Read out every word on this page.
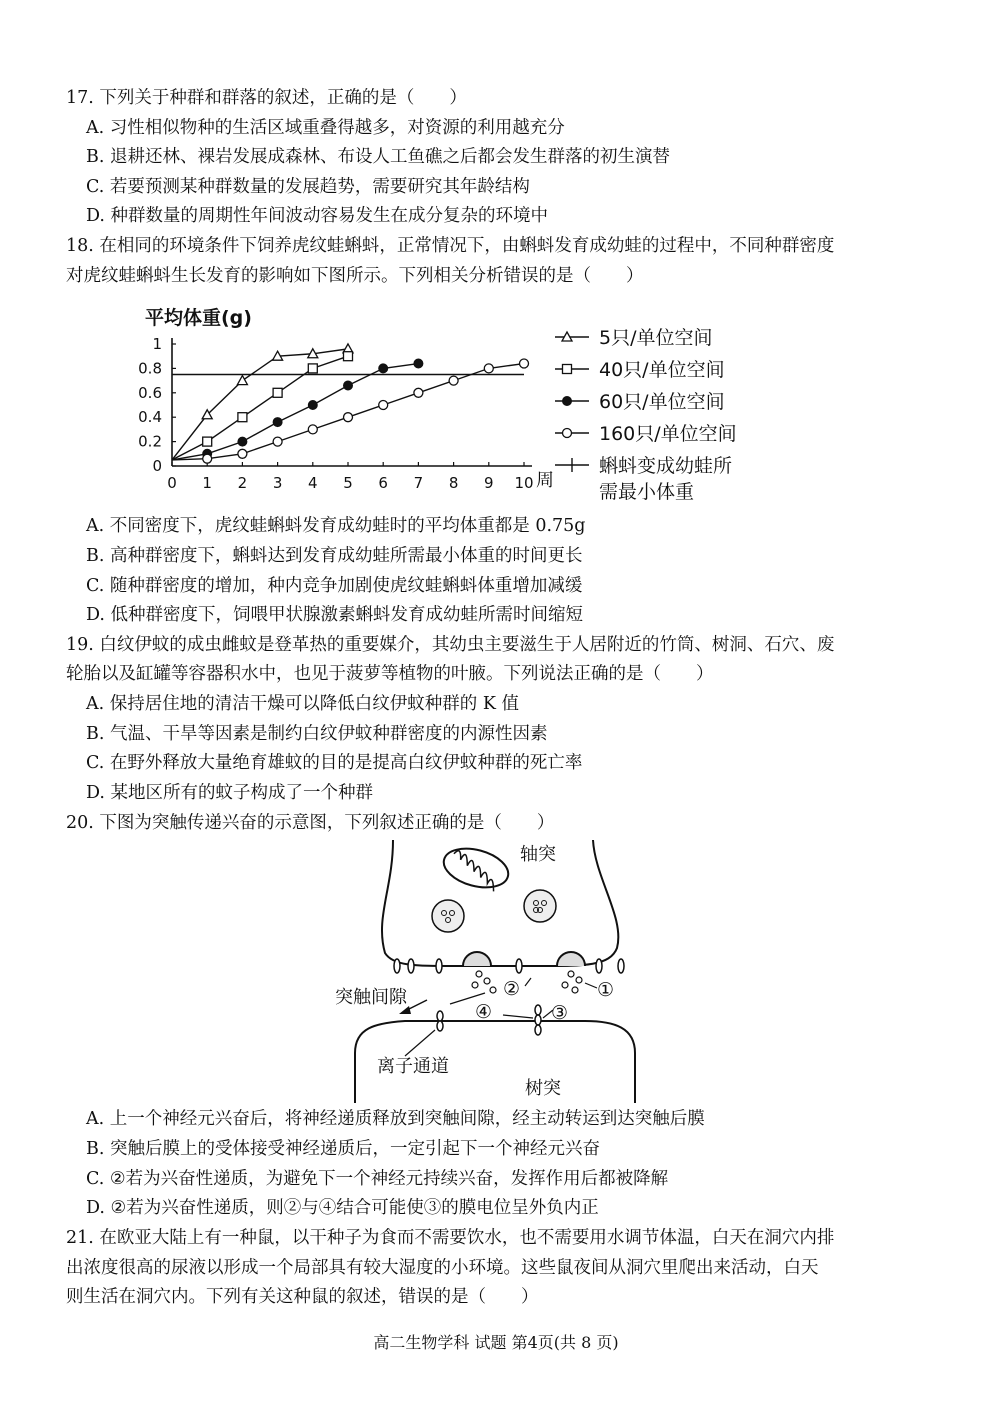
17. 下列关于种群和群落的叙述，正确的是（　　）
A. 习性相似物种的生活区域重叠得越多，对资源的利用越充分
B. 退耕还林、裸岩发展成森林、布设人工鱼礁之后都会发生群落的初生演替
C. 若要预测某种群数量的发展趋势，需要研究其年龄结构
D. 种群数量的周期性年间波动容易发生在成分复杂的环境中
18. 在相同的环境条件下饲养虎纹蛙蝌蚪，正常情况下，由蝌蚪发育成幼蛙的过程中，不同种群密度
对虎纹蛙蝌蚪生长发育的影响如下图所示。下列相关分析错误的是（　　）
平均体重(g)
周
0 1 2 3 4 5 6 7 8 9 10
0
0.2
0.4
0.6
0.8
1	5只/单位空间
40只/单位空间
60只/单位空间
160只/单位空间
蝌蚪变成幼蛙所
需最小体重
A. 不同密度下，虎纹蛙蝌蚪发育成幼蛙时的平均体重都是 0.75g
B. 高种群密度下，蝌蚪达到发育成幼蛙所需最小体重的时间更长
C. 随种群密度的增加，种内竞争加剧使虎纹蛙蝌蚪体重增加减缓
D. 低种群密度下，饲喂甲状腺激素蝌蚪发育成幼蛙所需时间缩短
19. 白纹伊蚊的成虫雌蚊是登革热的重要媒介，其幼虫主要滋生于人居附近的竹筒、树洞、石穴、废
轮胎以及缸罐等容器积水中，也见于菠萝等植物的叶腋。下列说法正确的是（　　）
A. 保持居住地的清洁干燥可以降低白纹伊蚊种群的 K 值
B. 气温、干旱等因素是制约白纹伊蚊种群密度的内源性因素
C. 在野外释放大量绝育雄蚊的目的是提高白纹伊蚊种群的死亡率
D. 某地区所有的蚊子构成了一个种群
20. 下图为突触传递兴奋的示意图，下列叙述正确的是（　　）
轴突
突触间隙
离子通道
树突
①
②
③
④
A. 上一个神经元兴奋后，将神经递质释放到突触间隙，经主动转运到达突触后膜
B. 突触后膜上的受体接受神经递质后，一定引起下一个神经元兴奋
C. ②若为兴奋性递质，为避免下一个神经元持续兴奋，发挥作用后都被降解
D. ②若为兴奋性递质，则②与④结合可能使③的膜电位呈外负内正
21. 在欧亚大陆上有一种鼠，以干种子为食而不需要饮水，也不需要用水调节体温，白天在洞穴内排
出浓度很高的尿液以形成一个局部具有较大湿度的小环境。这些鼠夜间从洞穴里爬出来活动，白天
则生活在洞穴内。下列有关这种鼠的叙述，错误的是（　　）
高二生物学科 试题 第4页(共 8 页)
